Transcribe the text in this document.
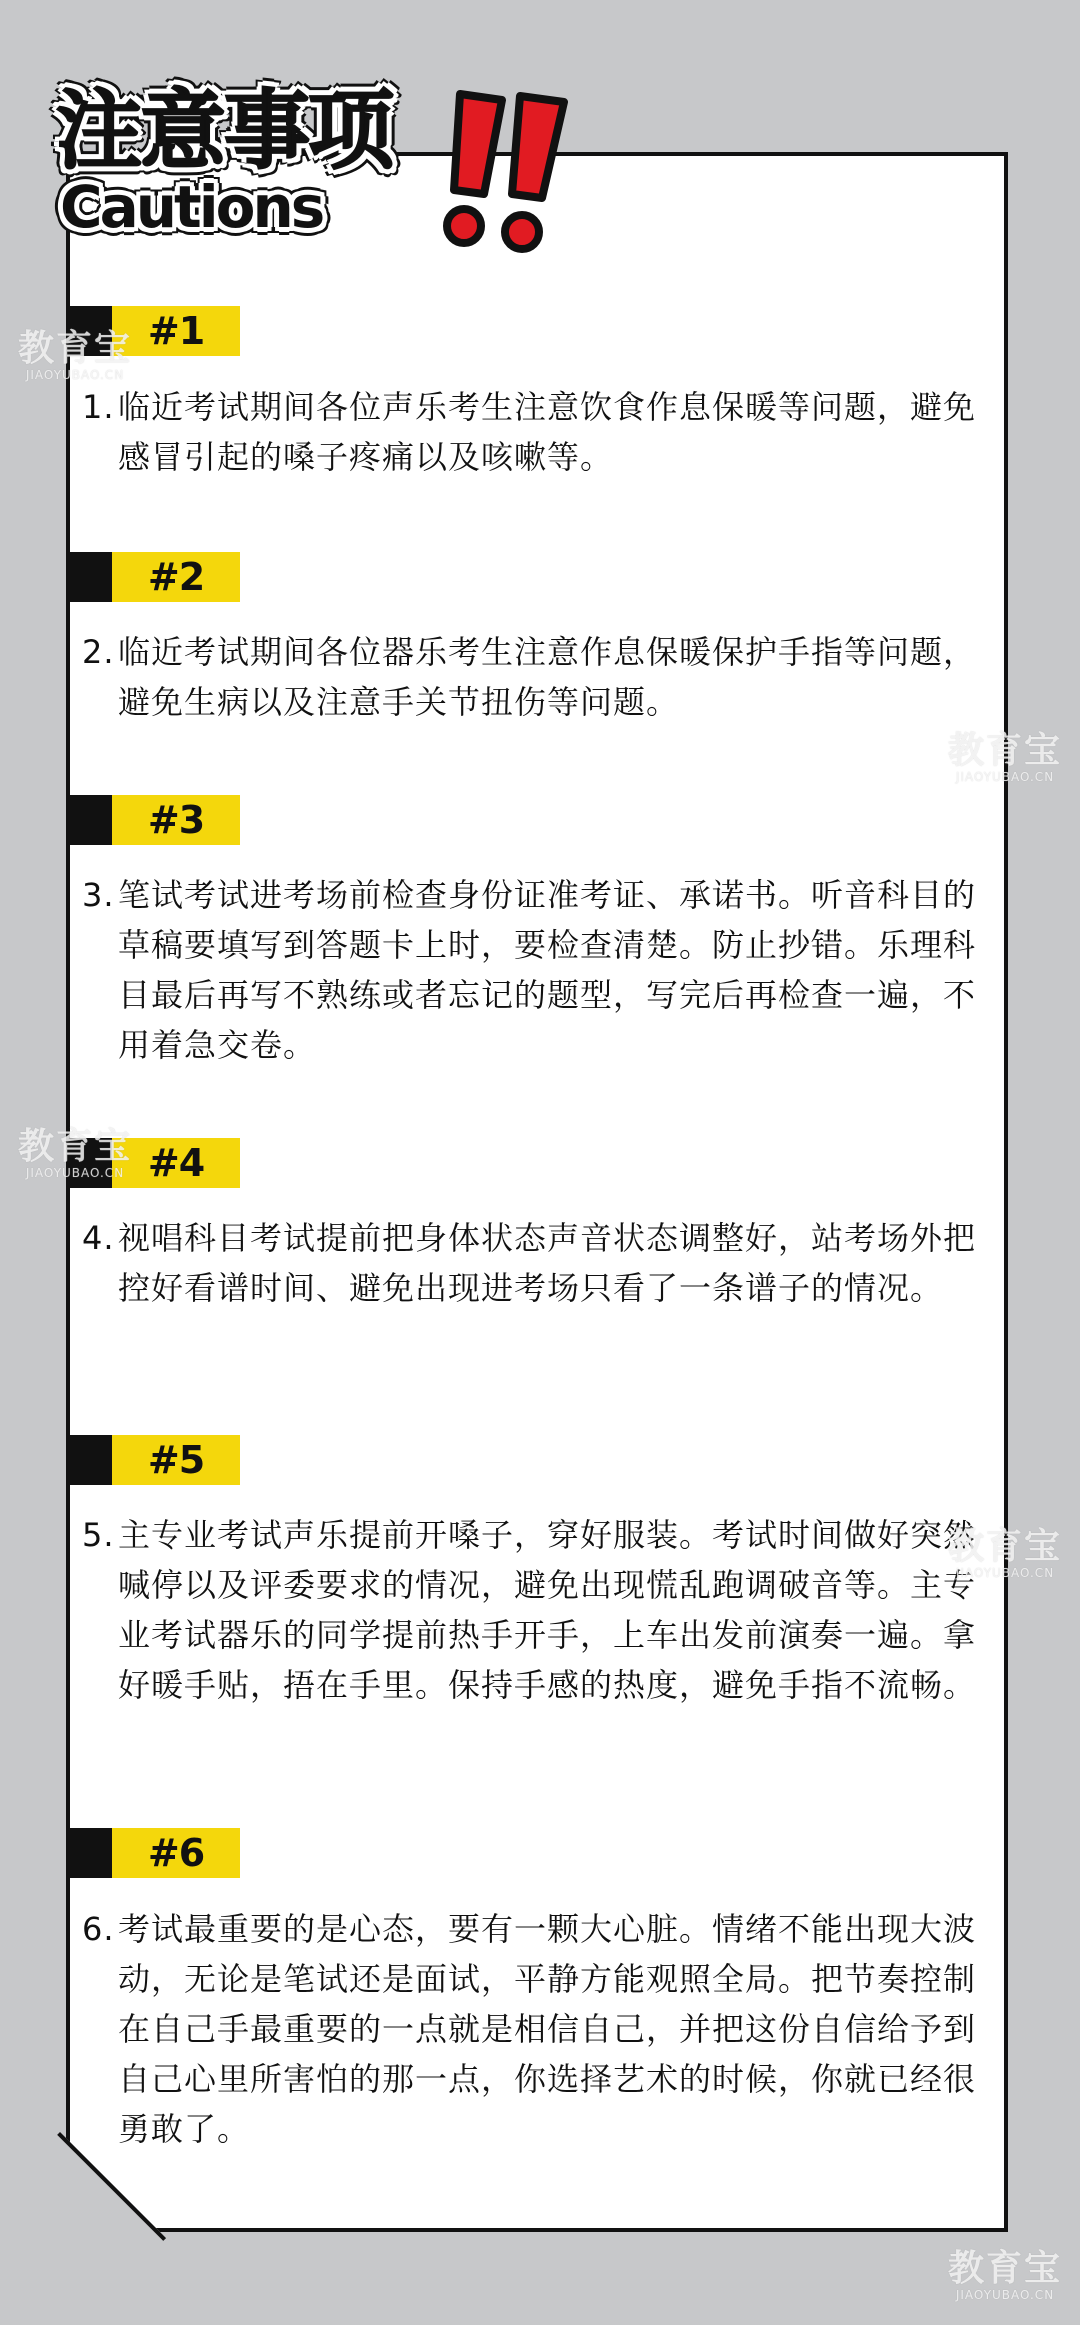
注意事项
Cautions
#1
1. 临近考试期间各位声乐考生注意饮食作息保暖等问题，避免感冒引起的嗓子疼痛以及咳嗽等。
#2
2. 临近考试期间各位器乐考生注意作息保暖保护手指等问题，避免生病以及注意手关节扭伤等问题。
#3
3. 笔试考试进考场前检查身份证准考证、承诺书。听音科目的草稿要填写到答题卡上时，要检查清楚。防止抄错。乐理科目最后再写不熟练或者忘记的题型，写完后再检查一遍，不用着急交卷。
#4
4. 视唱科目考试提前把身体状态声音状态调整好，站考场外把控好看谱时间、避免出现进考场只看了一条谱子的情况。
#5
5. 主专业考试声乐提前开嗓子，穿好服装。考试时间做好突然喊停以及评委要求的情况，避免出现慌乱跑调破音等。主专业考试器乐的同学提前热手开手，上车出发前演奏一遍。拿好暖手贴，捂在手里。保持手感的热度，避免手指不流畅。
#6
6. 考试最重要的是心态，要有一颗大心脏。情绪不能出现大波动，无论是笔试还是面试，平静方能观照全局。把节奏控制在自己手最重要的一点就是相信自己，并把这份自信给予到自己心里所害怕的那一点，你选择艺术的时候，你就已经很勇敢了。
教育宝
JIAOYUBAO.CN
教育宝
JIAOYUBAO.CN
教育宝
JIAOYUBAO.CN
教育宝
JIAOYUBAO.CN
教育宝
JIAOYUBAO.CN
